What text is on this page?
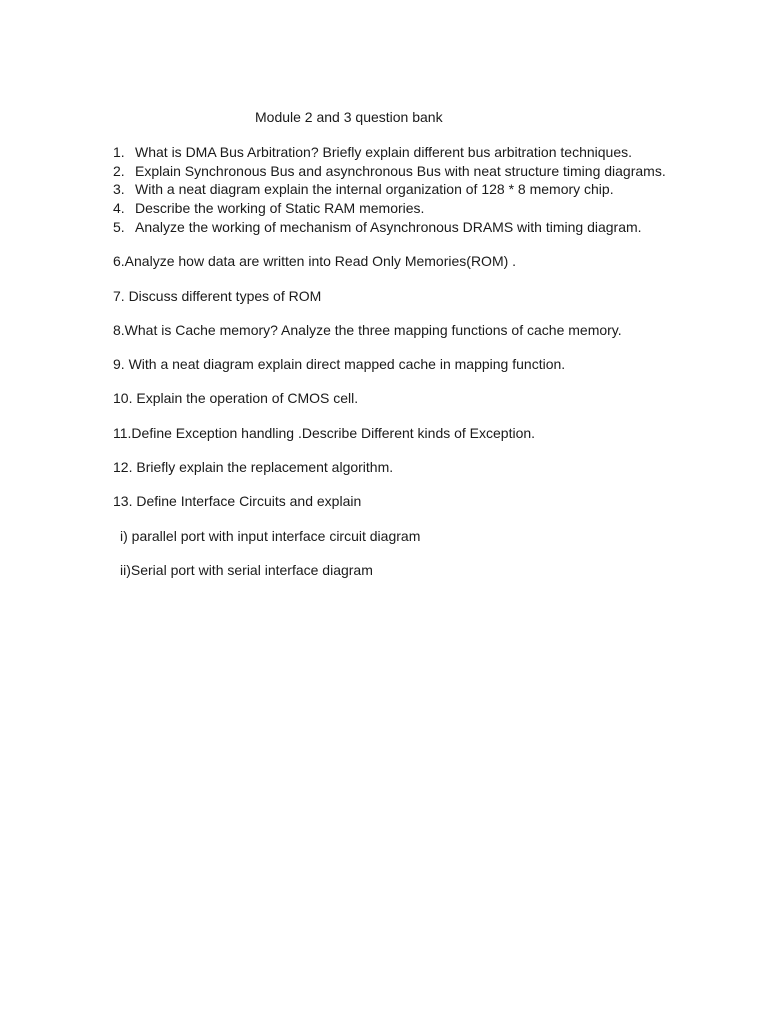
Module 2 and 3 question bank
1. What is DMA Bus Arbitration? Briefly explain different bus arbitration techniques.
2. Explain Synchronous Bus and asynchronous Bus with neat structure timing diagrams.
3. With a neat diagram explain the internal organization of 128 * 8 memory chip.
4. Describe the working of Static RAM memories.
5. Analyze the working of mechanism of Asynchronous DRAMS with timing diagram.

6.Analyze how data are written into Read Only Memories(ROM) .

7. Discuss different types of ROM

8.What is Cache memory? Analyze the three mapping functions of cache memory.

9. With a neat diagram explain direct mapped cache in mapping function.

10. Explain the operation of CMOS cell.

11.Define Exception handling .Describe Different kinds of Exception.

12. Briefly explain the replacement algorithm.

13. Define Interface Circuits and explain

i) parallel port with input interface circuit diagram

ii)Serial port with serial interface diagram
